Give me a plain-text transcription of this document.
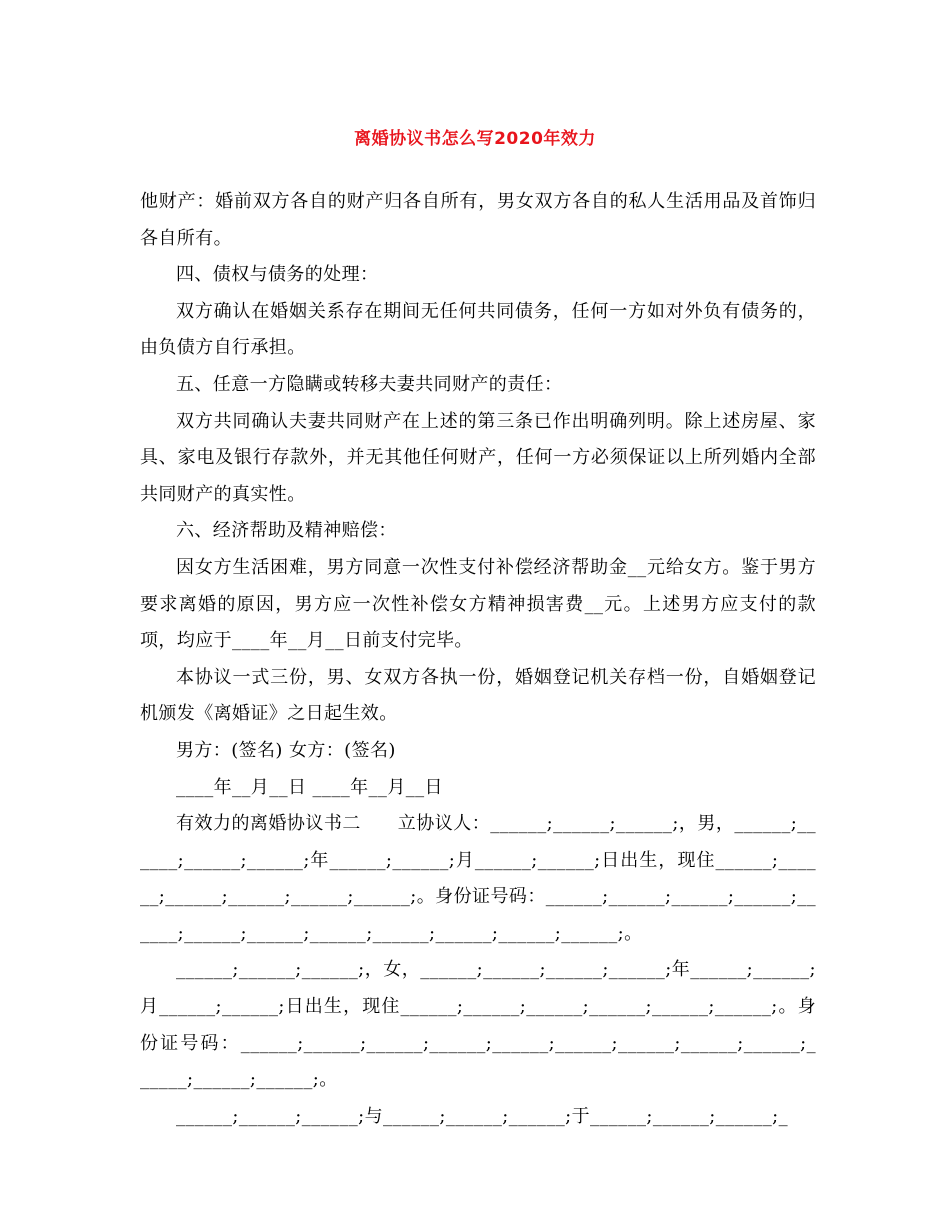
离婚协议书怎么写2020年效力

他财产：婚前双方各自的财产归各自所有，男女双方各自的私人生活用品及首饰归各自所有。

四、债权与债务的处理：

双方确认在婚姻关系存在期间无任何共同债务，任何一方如对外负有债务的，由负债方自行承担。

五、任意一方隐瞒或转移夫妻共同财产的责任：

双方共同确认夫妻共同财产在上述的第三条已作出明确列明。除上述房屋、家具、家电及银行存款外，并无其他任何财产，任何一方必须保证以上所列婚内全部共同财产的真实性。

六、经济帮助及精神赔偿：

因女方生活困难，男方同意一次性支付补偿经济帮助金__元给女方。鉴于男方要求离婚的原因，男方应一次性补偿女方精神损害费__元。上述男方应支付的款项，均应于____年__月__日前支付完毕。

本协议一式三份，男、女双方各执一份，婚姻登记机关存档一份，自婚姻登记机颁发《离婚证》之日起生效。

男方：(签名) 女方：(签名)

____年__月__日 ____年__月__日

有效力的离婚协议书二　　立协议人：______;______;______;，男，______;______;______;______;年______;______;月______;______;日出生，现住______;______;______;______;______;______;。身份证号码：______;______;______;______;______;______;______;______;______;______;______;______;。

______;______;______;，女，______;______;______;______;年______;______;月______;______;日出生，现住______;______;______;______;______;______;。身份证号码：______;______;______;______;______;______;______;______;______;______;______;______;。

______;______;______;与______;______;______;于______;______;______;_
